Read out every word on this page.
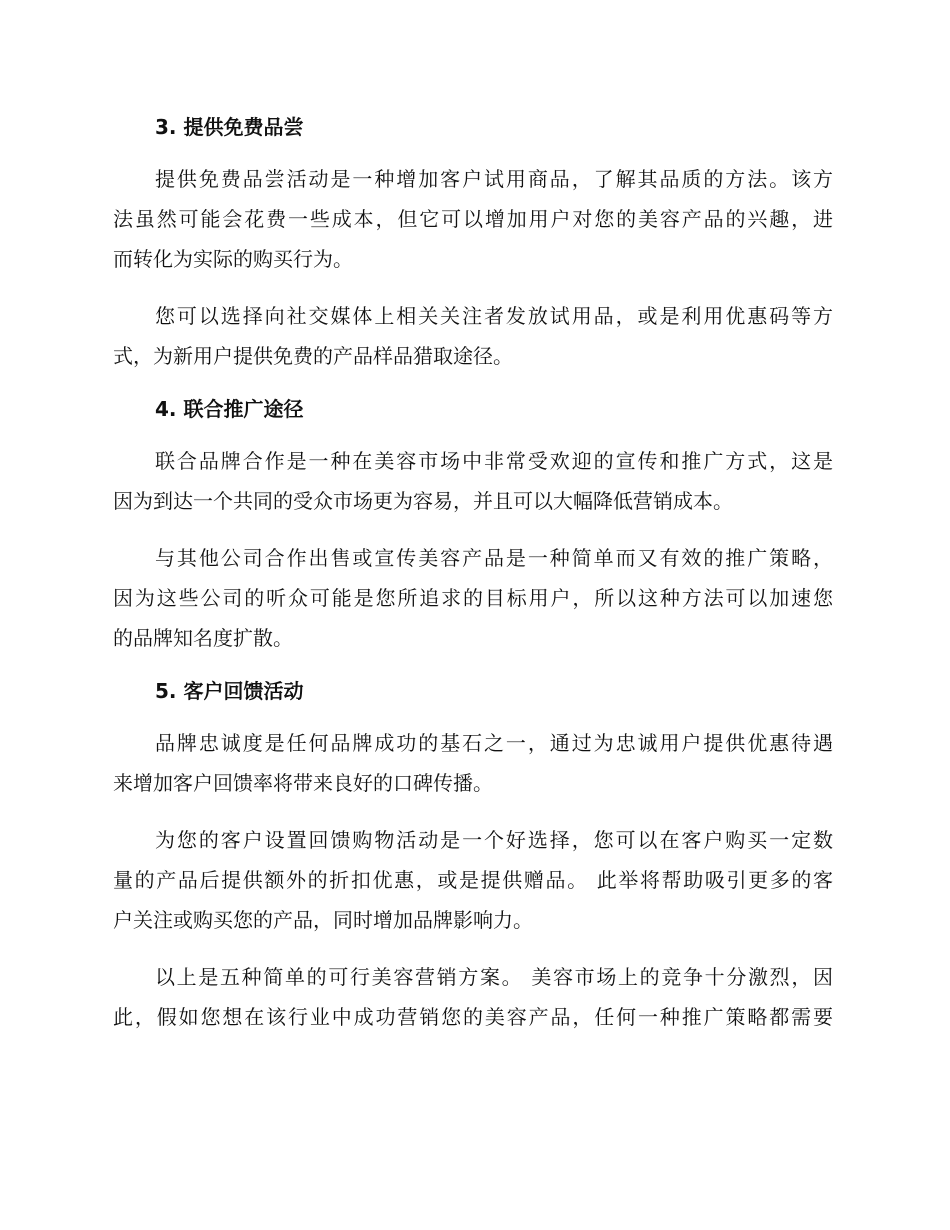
3. 提供免费品尝
提供免费品尝活动是一种增加客户试用商品，了解其品质的方法。该方
法虽然可能会花费一些成本，但它可以增加用户对您的美容产品的兴趣，进
而转化为实际的购买行为。
您可以选择向社交媒体上相关关注者发放试用品，或是利用优惠码等方
式，为新用户提供免费的产品样品猎取途径。
4. 联合推广途径
联合品牌合作是一种在美容市场中非常受欢迎的宣传和推广方式，这是
因为到达一个共同的受众市场更为容易，并且可以大幅降低营销成本。
与其他公司合作出售或宣传美容产品是一种简单而又有效的推广策略，
因为这些公司的听众可能是您所追求的目标用户，所以这种方法可以加速您
的品牌知名度扩散。
5. 客户回馈活动
品牌忠诚度是任何品牌成功的基石之一，通过为忠诚用户提供优惠待遇
来增加客户回馈率将带来良好的口碑传播。
为您的客户设置回馈购物活动是一个好选择，您可以在客户购买一定数
量的产品后提供额外的折扣优惠，或是提供赠品。 此举将帮助吸引更多的客
户关注或购买您的产品，同时增加品牌影响力。
以上是五种简单的可行美容营销方案。 美容市场上的竞争十分激烈，因
此，假如您想在该行业中成功营销您的美容产品，任何一种推广策略都需要
